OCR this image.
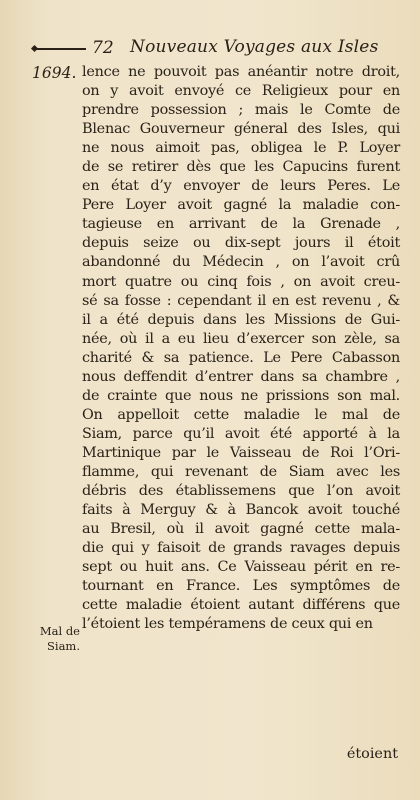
72 Nouveaux Voyages aux Isles
1694.
Mal de Siam.
lence ne pouvoit pas anéantir notre droit,
on y avoit envoyé ce Religieux pour en
prendre possession ; mais le Comte de
Blenac Gouverneur géneral des Isles, qui
ne nous aimoit pas, obligea le P. Loyer
de se retirer dès que les Capucins furent
en état d’y envoyer de leurs Peres. Le
Pere Loyer avoit gagné la maladie con-
tagieuse en arrivant de la Grenade ,
depuis seize ou dix-sept jours il étoit
abandonné du Médecin , on l’avoit crû
mort quatre ou cinq fois , on avoit creu-
sé sa fosse : cependant il en est revenu , &
il a été depuis dans les Missions de Gui-
née, où il a eu lieu d’exercer son zèle, sa
charité & sa patience. Le Pere Cabasson
nous deffendit d’entrer dans sa chambre ,
de crainte que nous ne prissions son mal.
On appelloit cette maladie le mal de
Siam, parce qu’il avoit été apporté à la
Martinique par le Vaisseau de Roi l’Ori-
flamme, qui revenant de Siam avec les
débris des établissemens que l’on avoit
faits à Merguy & à Bancok avoit touché
au Bresil, où il avoit gagné cette mala-
die qui y faisoit de grands ravages depuis
sept ou huit ans. Ce Vaisseau périt en re-
tournant en France. Les symptômes de
cette maladie étoient autant différens que
l’étoient les tempéramens de ceux qui en
étoient
